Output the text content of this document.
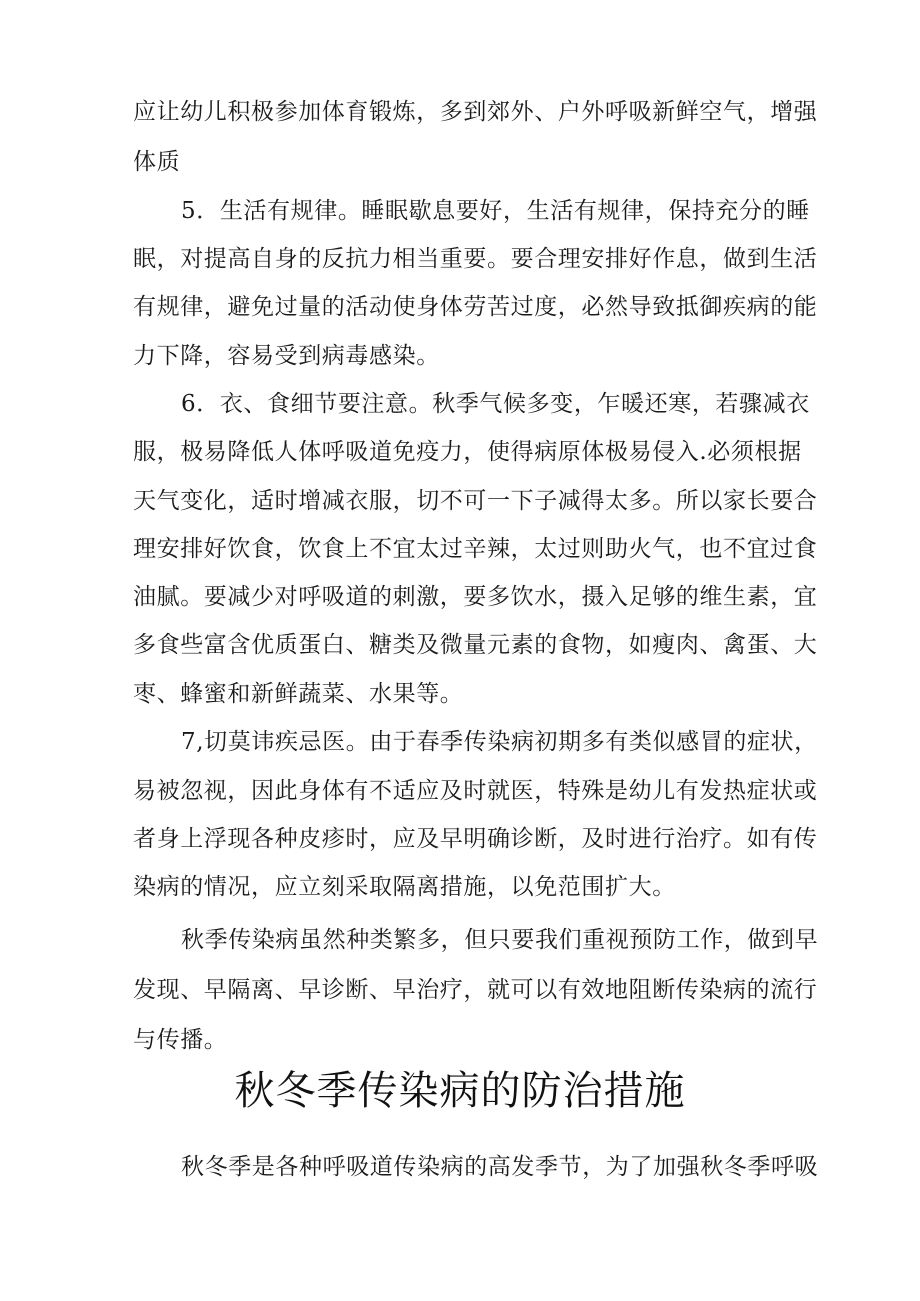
应让幼儿积极参加体育锻炼，多到郊外、户外呼吸新鲜空气，增强
体质
5．生活有规律。睡眠歇息要好，生活有规律，保持充分的睡
眠，对提高自身的反抗力相当重要。要合理安排好作息，做到生活
有规律，避免过量的活动使身体劳苦过度，必然导致抵御疾病的能
力下降，容易受到病毒感染。
6．衣、食细节要注意。秋季气候多变，乍暖还寒，若骤减衣
服，极易降低人体呼吸道免疫力，使得病原体极易侵入.必须根据
天气变化，适时增减衣服，切不可一下子减得太多。所以家长要合
理安排好饮食，饮食上不宜太过辛辣，太过则助火气，也不宜过食
油腻。要减少对呼吸道的刺激，要多饮水，摄入足够的维生素，宜
多食些富含优质蛋白、糖类及微量元素的食物，如瘦肉、禽蛋、大
枣、蜂蜜和新鲜蔬菜、水果等。
7,切莫讳疾忌医。由于春季传染病初期多有类似感冒的症状，
易被忽视，因此身体有不适应及时就医，特殊是幼儿有发热症状或
者身上浮现各种皮疹时，应及早明确诊断，及时进行治疗。如有传
染病的情况，应立刻采取隔离措施，以免范围扩大。
秋季传染病虽然种类繁多，但只要我们重视预防工作，做到早
发现、早隔离、早诊断、早治疗，就可以有效地阻断传染病的流行
与传播。
秋冬季传染病的防治措施
秋冬季是各种呼吸道传染病的高发季节，为了加强秋冬季呼吸
